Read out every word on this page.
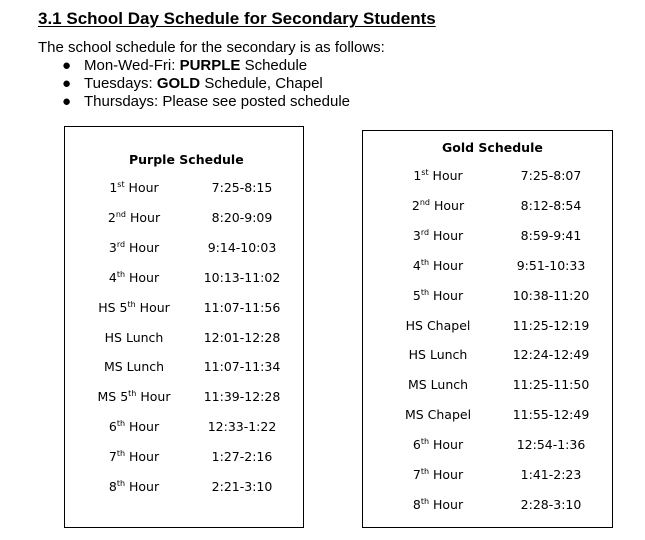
3.1 School Day Schedule for Secondary Students
The school schedule for the secondary is as follows:
● Mon-Wed-Fri: PURPLE Schedule
● Tuesdays: GOLD Schedule, Chapel
● Thursdays: Please see posted schedule
Purple Schedule
1st Hour	7:25-8:15
2nd Hour	8:20-9:09
3rd Hour	9:14-10:03
4th Hour	10:13-11:02
HS 5th Hour	11:07-11:56
HS Lunch	12:01-12:28
MS Lunch	11:07-11:34
MS 5th Hour	11:39-12:28
6th Hour	12:33-1:22
7th Hour	1:27-2:16
8th Hour	2:21-3:10
Gold Schedule
1st Hour	7:25-8:07
2nd Hour	8:12-8:54
3rd Hour	8:59-9:41
4th Hour	9:51-10:33
5th Hour	10:38-11:20
HS Chapel	11:25-12:19
HS Lunch	12:24-12:49
MS Lunch	11:25-11:50
MS Chapel	11:55-12:49
6th Hour	12:54-1:36
7th Hour	1:41-2:23
8th Hour	2:28-3:10
